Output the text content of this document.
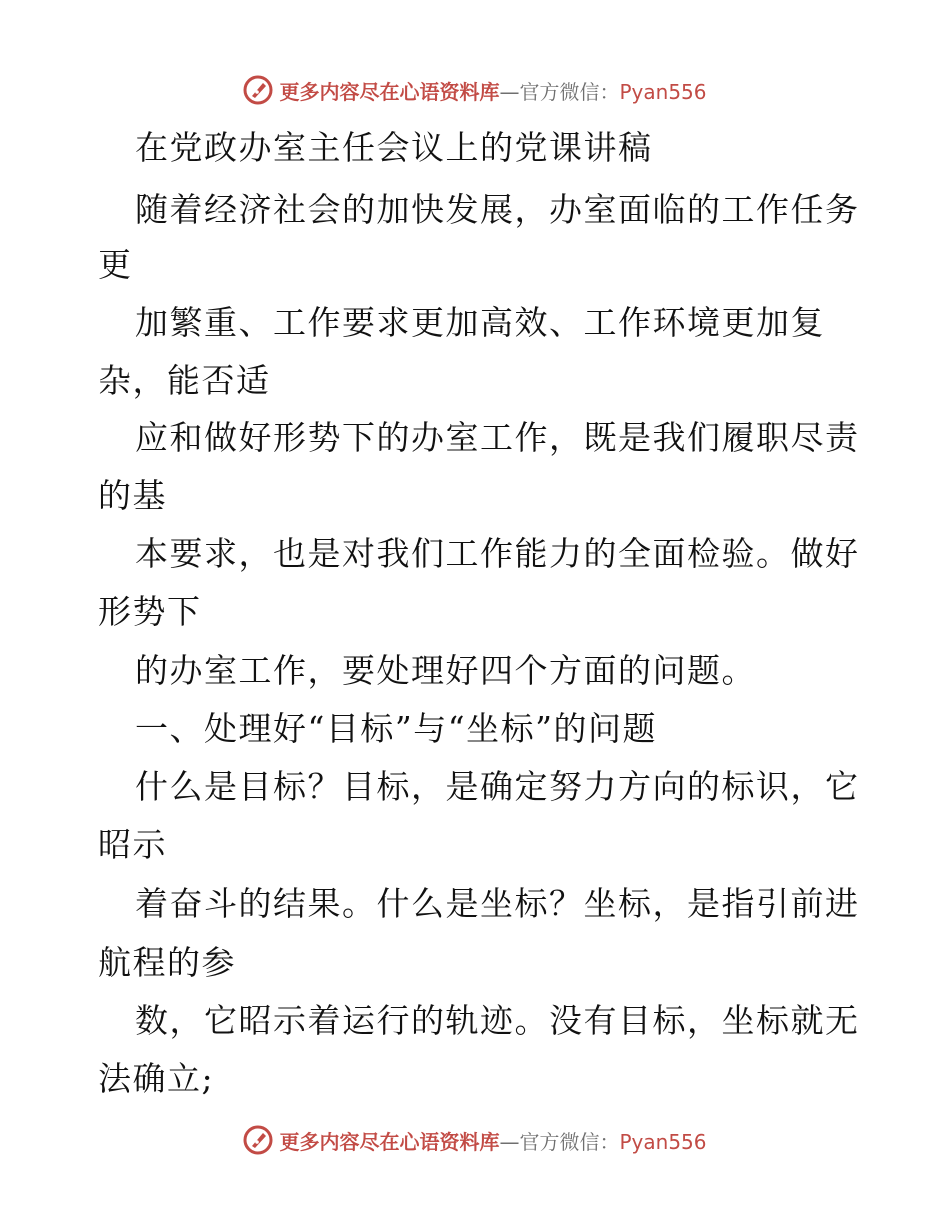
更多内容尽在心语资料库—官方微信：Pyan556
在党政办室主任会议上的党课讲稿
随着经济社会的加快发展，办室面临的工作任务
更
加繁重、工作要求更加高效、工作环境更加复
杂，能否适
应和做好形势下的办室工作，既是我们履职尽责
的基
本要求，也是对我们工作能力的全面检验。做好
形势下
的办室工作，要处理好四个方面的问题。
一、处理好“目标”与“坐标”的问题
什么是目标？目标，是确定努力方向的标识，它
昭示
着奋斗的结果。什么是坐标？坐标，是指引前进
航程的参
数，它昭示着运行的轨迹。没有目标，坐标就无
法确立;
更多内容尽在心语资料库—官方微信：Pyan556
